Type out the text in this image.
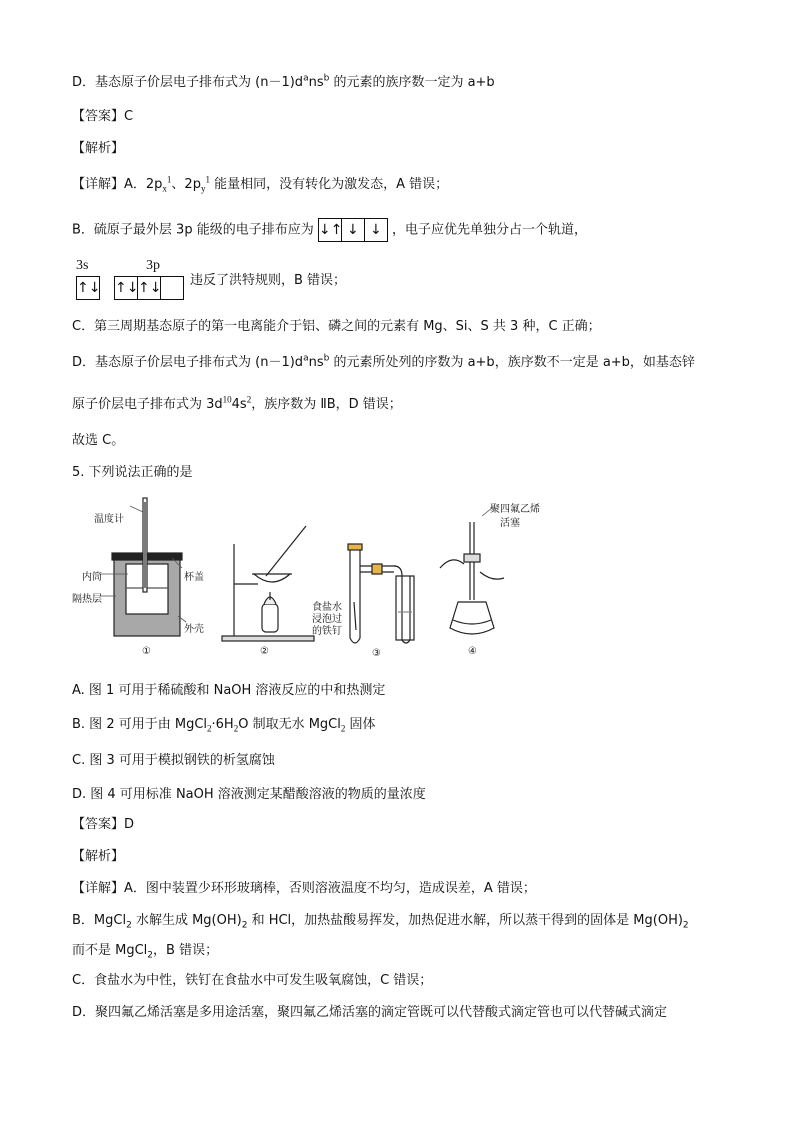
D．基态原子价层电子排布式为 $(n-1)d^ans^b$ 的元素的族序数一定为 a+b
【答案】C
【解析】
【详解】A．$2p_x^1$、$2p_y^1$ 能量相同，没有转化为激发态，A 错误；
B．硫原子最外层 3p 能级的电子排布应为 ↓↑ ↓ ↓ ，电子应优先单独分占一个轨道，
3s	3p
↑↓ ↑↓↑↓	违反了洪特规则，B 错误；
C．第三周期基态原子的第一电离能介于铝、磷之间的元素有 Mg、Si、S 共 3 种，C 正确；
D．基态原子价层电子排布式为 $(n-1)d^ans^b$ 的元素所处列的序数为 a+b，族序数不一定是 a+b，如基态锌
原子价层电子排布式为 $3d^{10}4s^2$，族序数为 ⅡB，D 错误；
故选 C。
5. 下列说法正确的是
温度计
内筒	杯盖
隔热层
外壳
①	②
食盐水
浸泡过
的铁钉
③
聚四氟乙烯
活塞
④
A. 图 1 可用于稀硫酸和 NaOH 溶液反应的中和热测定
B. 图 2 可用于由 $MgCl_2\cdot 6H_2O$ 制取无水 MgCl$_2$ 固体
C. 图 3 可用于模拟钢铁的析氢腐蚀
D. 图 4 可用标准 NaOH 溶液测定某醋酸溶液的物质的量浓度
【答案】D
【解析】
【详解】A．图中装置少环形玻璃棒，否则溶液温度不均匀，造成误差，A 错误；
B．MgCl$_2$ 水解生成 $Mg(OH)_2$ 和 HCl，加热盐酸易挥发，加热促进水解，所以蒸干得到的固体是 $Mg(OH)_2$
而不是 MgCl$_2$，B 错误；
C．食盐水为中性，铁钉在食盐水中可发生吸氧腐蚀，C 错误；
D．聚四氟乙烯活塞是多用途活塞，聚四氟乙烯活塞的滴定管既可以代替酸式滴定管也可以代替碱式滴定
